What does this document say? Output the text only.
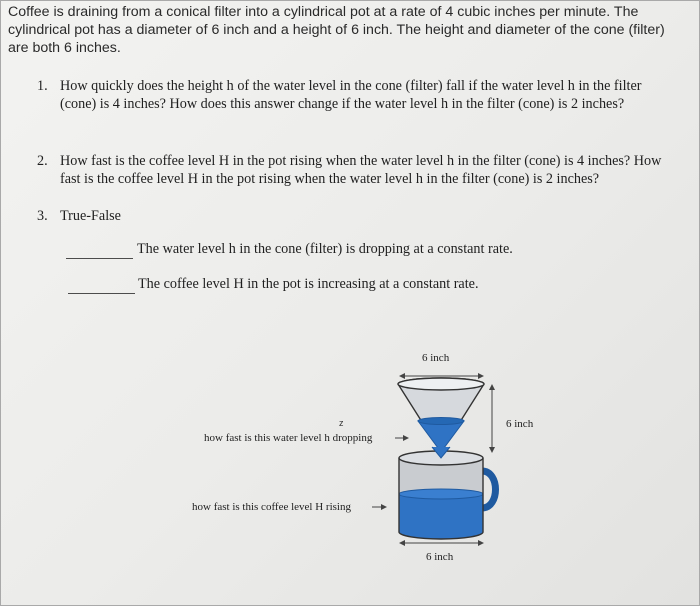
Coffee is draining from a conical filter into a cylindrical pot at a rate of 4 cubic inches per minute. The cylindrical pot has a diameter of 6 inch and a height of 6 inch. The height and diameter of the cone (filter) are both 6 inches.
1. How quickly does the height h of the water level in the cone (filter) fall if the water level h in the filter (cone) is 4 inches? How does this answer change if the water level h in the filter (cone) is 2 inches?
2. How fast is the coffee level H in the pot rising when the water level h in the filter (cone) is 4 inches? How fast is the coffee level H in the pot rising when the water level h in the filter (cone) is 2 inches?
3. True-False
The water level h in the cone (filter) is dropping at a constant rate.
The coffee level H in the pot is increasing at a constant rate.
z
6 inch
6 inch
6 inch
how fast is this water level h dropping
how fast is this coffee level H rising
